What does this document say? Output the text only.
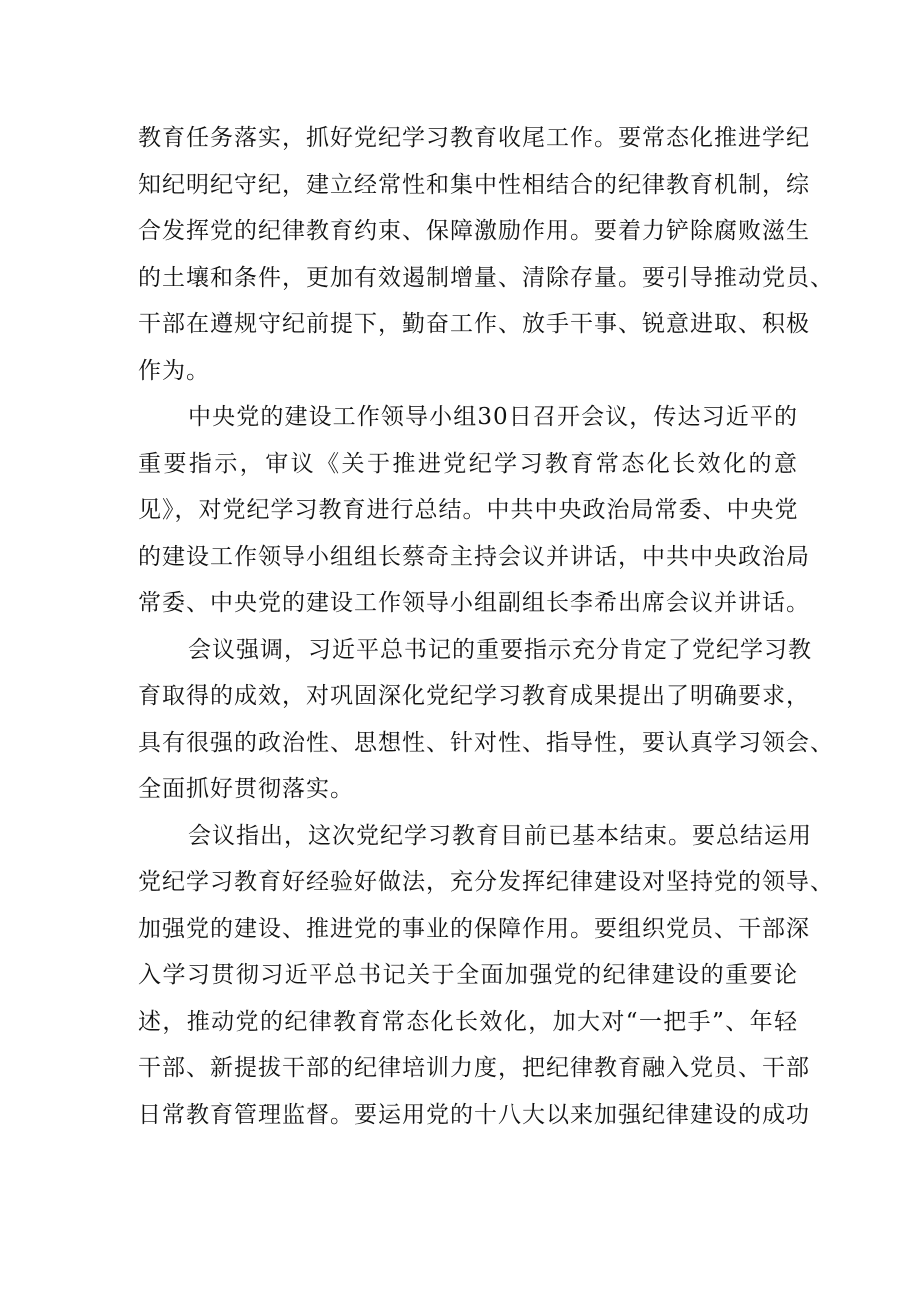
教育任务落实，抓好党纪学习教育收尾工作。要常态化推进学纪
知纪明纪守纪，建立经常性和集中性相结合的纪律教育机制，综
合发挥党的纪律教育约束、保障激励作用。要着力铲除腐败滋生
的土壤和条件，更加有效遏制增量、清除存量。要引导推动党员、
干部在遵规守纪前提下，勤奋工作、放手干事、锐意进取、积极
作为。
中央党的建设工作领导小组30日召开会议，传达习近平的
重要指示，审议《关于推进党纪学习教育常态化长效化的意
见》，对党纪学习教育进行总结。中共中央政治局常委、中央党
的建设工作领导小组组长蔡奇主持会议并讲话，中共中央政治局
常委、中央党的建设工作领导小组副组长李希出席会议并讲话。
会议强调，习近平总书记的重要指示充分肯定了党纪学习教
育取得的成效，对巩固深化党纪学习教育成果提出了明确要求，
具有很强的政治性、思想性、针对性、指导性，要认真学习领会、
全面抓好贯彻落实。
会议指出，这次党纪学习教育目前已基本结束。要总结运用
党纪学习教育好经验好做法，充分发挥纪律建设对坚持党的领导、
加强党的建设、推进党的事业的保障作用。要组织党员、干部深
入学习贯彻习近平总书记关于全面加强党的纪律建设的重要论
述，推动党的纪律教育常态化长效化，加大对“一把手”、年轻
干部、新提拔干部的纪律培训力度，把纪律教育融入党员、干部
日常教育管理监督。要运用党的十八大以来加强纪律建设的成功
